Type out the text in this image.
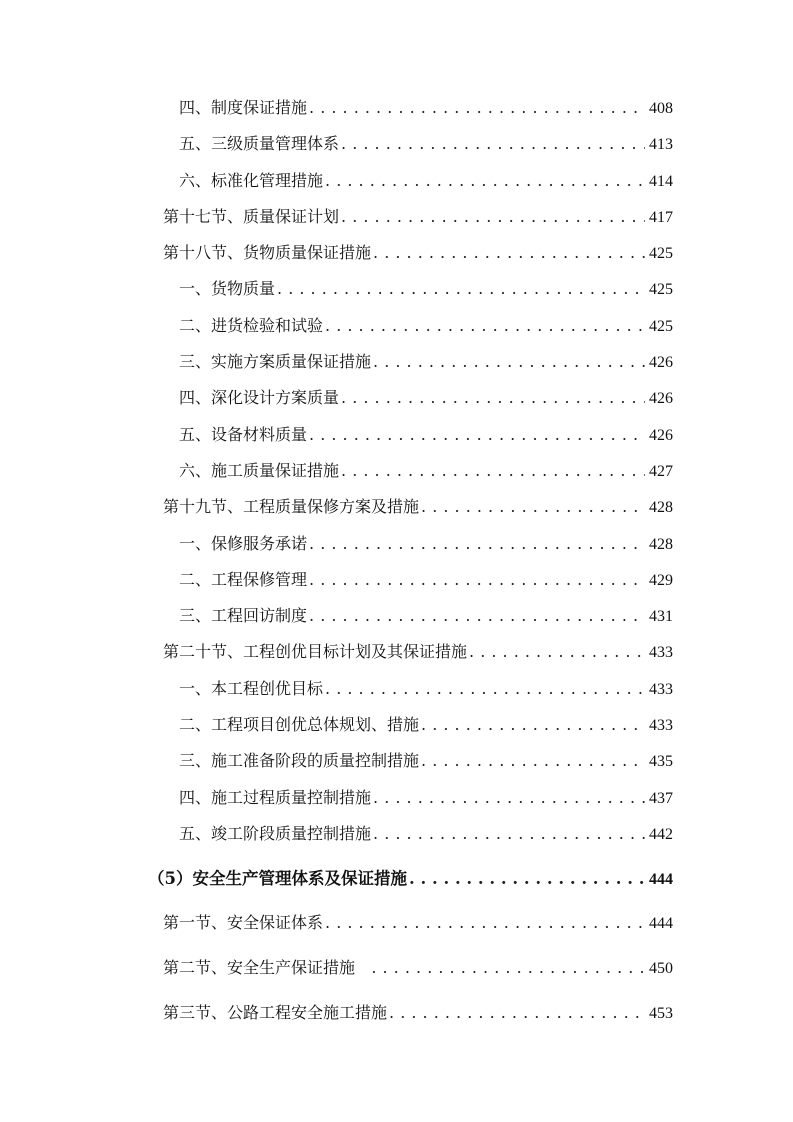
四、制度保证措施 . . .	408
五、三级质量管理体系 . . .	413
六、标准化管理措施 . . .	414
第十七节、质量保证计划 . . .	417
第十八节、货物质量保证措施 . . .	425
一、货物质量 . . .	425
二、进货检验和试验 . . .	425
三、实施方案质量保证措施 . . .	426
四、深化设计方案质量 . . .	426
五、设备材料质量 . . .	426
六、施工质量保证措施 . . .	427
第十九节、工程质量保修方案及措施 . . .	428
一、保修服务承诺 . . .	428
二、工程保修管理 . . .	429
三、工程回访制度 . . .	431
第二十节、工程创优目标计划及其保证措施 . . .	433
一、本工程创优目标 . . .	433
二、工程项目创优总体规划、措施 . . .	433
三、施工准备阶段的质量控制措施 . . .	435
四、施工过程质量控制措施 . . .	437
五、竣工阶段质量控制措施 . . .	442
（5）安全生产管理体系及保证措施 . . .	444
第一节、安全保证体系 . . .	444
第二节、安全生产保证措施 . . .	450
第三节、公路工程安全施工措施 . . .	453
